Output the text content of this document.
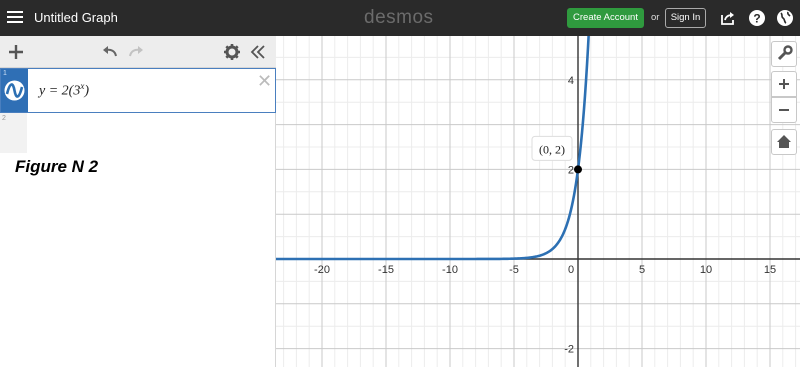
Untitled Graph	desmos	Create Account	or	Sign In	?
1
$y = 2(3^x)$
✕
2
Figure N 2
-20	-15	-10	-5	0	5	10	15
4
2
-2
(0, 2)
